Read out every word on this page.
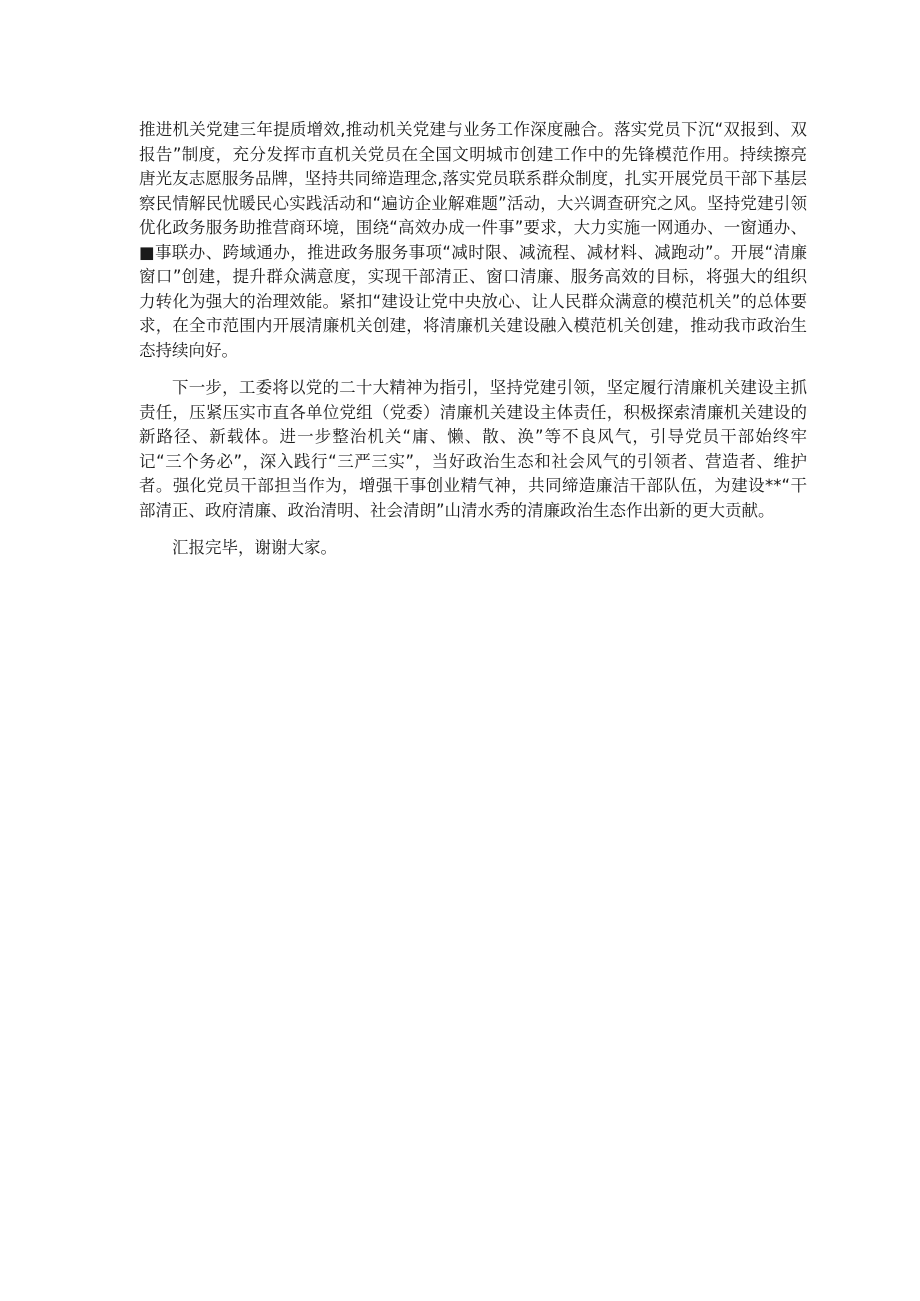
推进机关党建三年提质增效,推动机关党建与业务工作深度融合。落实党员下沉“双报到、双报告”制度，充分发挥市直机关党员在全国文明城市创建工作中的先锋模范作用。持续擦亮唐光友志愿服务品牌，坚持共同缔造理念,落实党员联系群众制度，扎实开展党员干部下基层察民情解民忧暖民心实践活动和“遍访企业解难题”活动，大兴调查研究之风。坚持党建引领优化政务服务助推营商环境，围绕“高效办成一件事”要求，大力实施一网通办、一窗通办、■事联办、跨域通办，推进政务服务事项“减时限、减流程、减材料、减跑动”。开展“清廉窗口”创建，提升群众满意度，实现干部清正、窗口清廉、服务高效的目标，将强大的组织力转化为强大的治理效能。紧扣“建设让党中央放心、让人民群众满意的模范机关”的总体要求，在全市范围内开展清廉机关创建，将清廉机关建设融入模范机关创建，推动我市政治生态持续向好。

下一步，工委将以党的二十大精神为指引，坚持党建引领，坚定履行清廉机关建设主抓责任，压紧压实市直各单位党组（党委）清廉机关建设主体责任，积极探索清廉机关建设的新路径、新载体。进一步整治机关“庸、懒、散、涣”等不良风气，引导党员干部始终牢记“三个务必”，深入践行“三严三实”，当好政治生态和社会风气的引领者、营造者、维护者。强化党员干部担当作为，增强干事创业精气神，共同缔造廉洁干部队伍，为建设**“干部清正、政府清廉、政治清明、社会清朗”山清水秀的清廉政治生态作出新的更大贡献。

汇报完毕，谢谢大家。
